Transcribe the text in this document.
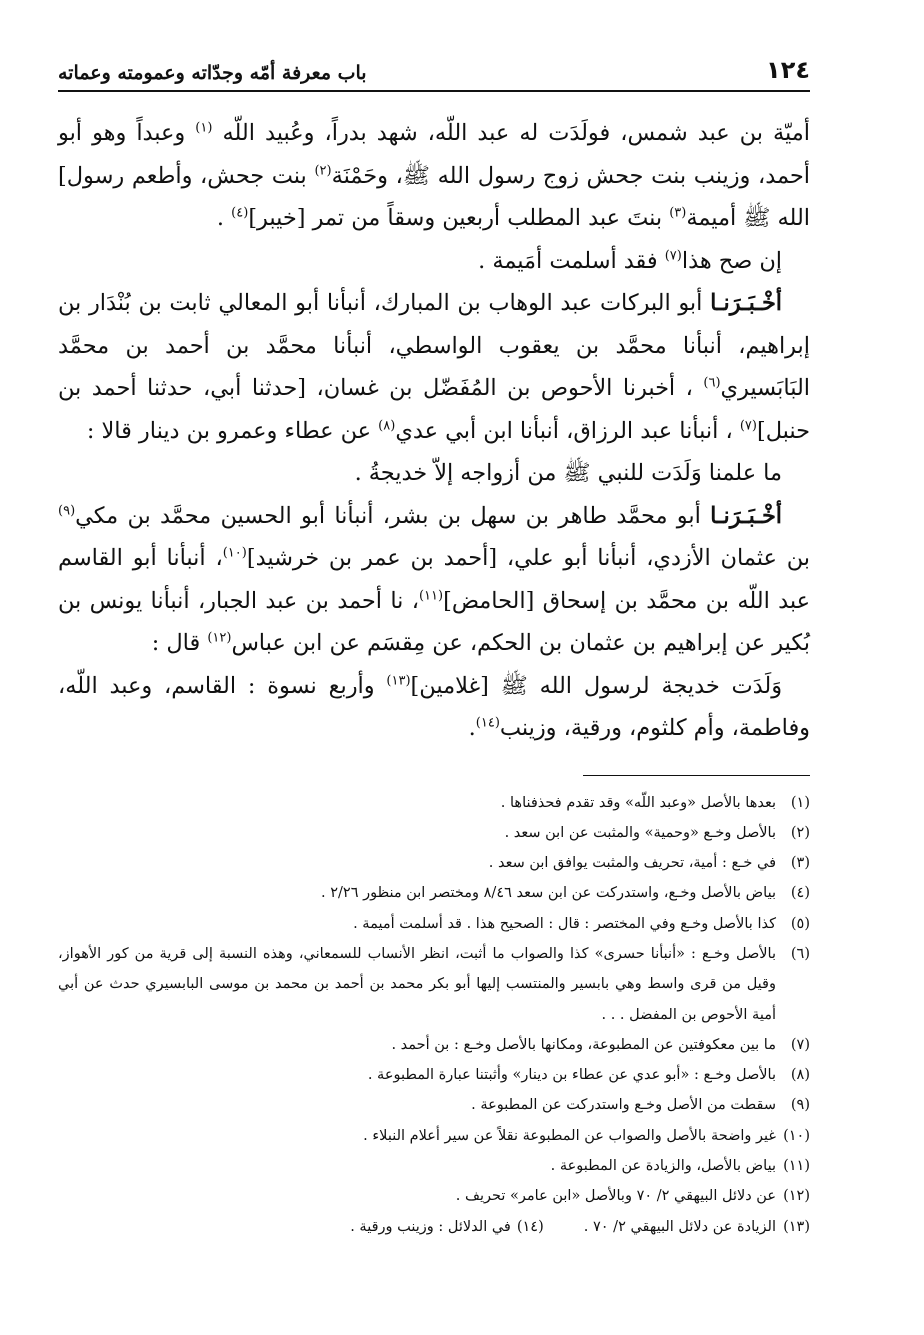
١٢٤
باب معرفة أمّه وجدّاته وعمومته وعماته

أميّة بن عبد شمس، فولَدَت له عبد اللّه، شهد بدراً، وعُبيد اللّه $^{(١)}$ وعبداً وهو أبو أحمد، وزينب بنت جحش زوج رسول الله ﷺ، وحَمْنَة$^{(٢)}$ بنت جحش، وأطعم رسول] الله ﷺ أميمة$^{(٣)}$ بنتَ عبد المطلب أربعين وسقاً من تمر [خيبر]$^{(٤)}$ .

إن صح هذا$^{(٧)}$ فقد أسلمت أمَيمة .

أخْـبَـرَنـا أبو البركات عبد الوهاب بن المبارك، أنبأنا أبو المعالي ثابت بن بُنْدَار بن إبراهيم، أنبأنا محمَّد بن يعقوب الواسطي، أنبأنا محمَّد بن أحمد بن محمَّد البَابَسيري$^{(٦)}$ ، أخبرنا الأحوص بن المُفَضّل بن غسان، [حدثنا أبي، حدثنا أحمد بن حنبل]$^{(٧)}$ ، أنبأنا عبد الرزاق، أنبأنا ابن أبي عدي$^{(٨)}$ عن عطاء وعمرو بن دينار قالا :

ما علمنا وَلَدَت للنبي ﷺ من أزواجه إلاّ خديجةُ .

أخْـبَـرَنـا أبو محمَّد طاهر بن سهل بن بشر، أنبأنا أبو الحسين محمَّد بن مكي$^{(٩)}$ بن عثمان الأزدي، أنبأنا أبو علي، [أحمد بن عمر بن خرشيد]$^{(١٠)}$، أنبأنا أبو القاسم عبد اللّه بن محمَّد بن إسحاق [الحامض]$^{(١١)}$، نا أحمد بن عبد الجبار، أنبأنا يونس بن بُكير عن إبراهيم بن عثمان بن الحكم، عن مِقسَم عن ابن عباس$^{(١٢)}$ قال :

وَلَدَت خديجة لرسول الله ﷺ [غلامين]$^{(١٣)}$ وأربع نسوة : القاسم، وعبد اللّه، وفاطمة، وأم كلثوم، ورقية، وزينب$^{(١٤)}$.

(١)
بعدها بالأصل «وعبد اللّه» وقد تقدم فحذفناها .
(٢)
بالأصل وخـع «وحمية» والمثبت عن ابن سعد .
(٣)
في خـع : أمية، تحريف والمثبت يوافق ابن سعد .
(٤)
بياض بالأصل وخـع، واستدركت عن ابن سعد ٨/٤٦ ومختصر ابن منظور ٢/٢٦ .
(٥)
كذا بالأصل وخـع وفي المختصر : قال : الصحيح هذا . قد أسلمت أميمة .
(٦)
بالأصل وخـع : «أنبأنا حسرى» كذا والصواب ما أثبت، انظر الأنساب للسمعاني، وهذه النسبة إلى قرية من كور الأهواز، وقيل من قرى واسط وهي بابسير والمنتسب إليها أبو بكر محمد بن أحمد بن محمد بن موسى البابسيري حدث عن أبي أمية الأحوص بن المفضل . . .
(٧)
ما بين معكوفتين عن المطبوعة، ومكانها بالأصل وخـع : بن أحمد .
(٨)
بالأصل وخـع : «أبو عدي عن عطاء بن دينار» وأثبتنا عبارة المطبوعة .
(٩)
سقطت من الأصل وخـع واستدركت عن المطبوعة .
(١٠)
غير واضحة بالأصل والصواب عن المطبوعة نقلاً عن سير أعلام النبلاء .
(١١)
بياض بالأصل، والزيادة عن المطبوعة .
(١٢)
عن دلائل البيهقي ٢/ ٧٠ وبالأصل «ابن عامر» تحريف .
(١٣)
الزيادة عن دلائل البيهقي ٢/ ٧٠ .
(١٤)
في الدلائل : وزينب ورقية .
